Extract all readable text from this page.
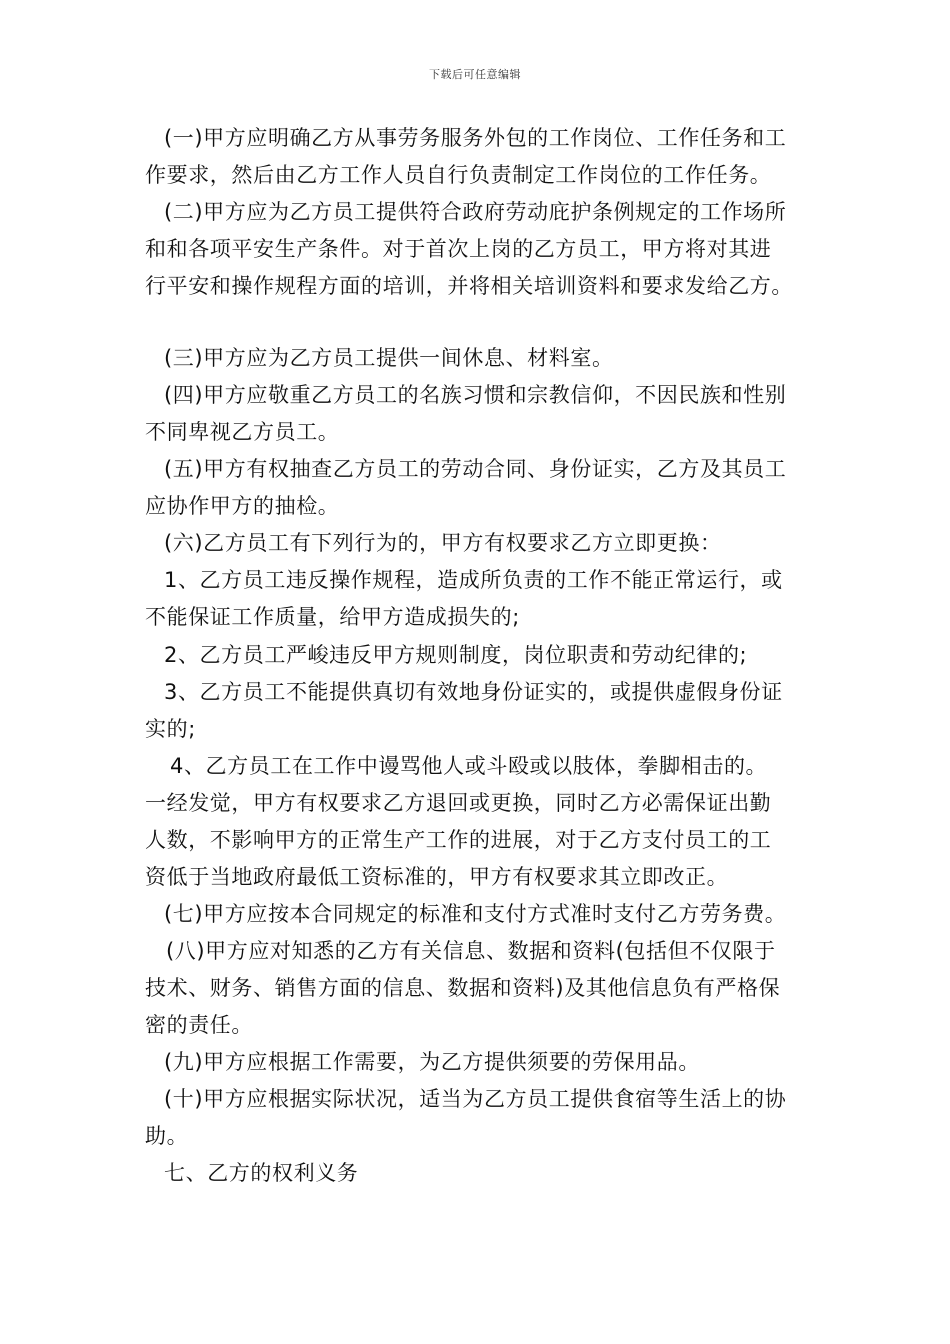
下载后可任意编辑
(一)甲方应明确乙方从事劳务服务外包的工作岗位、工作任务和工
作要求，然后由乙方工作人员自行负责制定工作岗位的工作任务。
(二)甲方应为乙方员工提供符合政府劳动庇护条例规定的工作场所
和和各项平安生产条件。对于首次上岗的乙方员工，甲方将对其进
行平安和操作规程方面的培训，并将相关培训资料和要求发给乙方。
(三)甲方应为乙方员工提供一间休息、材料室。
(四)甲方应敬重乙方员工的名族习惯和宗教信仰，不因民族和性别
不同卑视乙方员工。
(五)甲方有权抽查乙方员工的劳动合同、身份证实，乙方及其员工
应协作甲方的抽检。
(六)乙方员工有下列行为的，甲方有权要求乙方立即更换：
1、乙方员工违反操作规程，造成所负责的工作不能正常运行，或
不能保证工作质量，给甲方造成损失的;
2、乙方员工严峻违反甲方规则制度，岗位职责和劳动纪律的;
3、乙方员工不能提供真切有效地身份证实的，或提供虚假身份证
实的;
4、乙方员工在工作中谩骂他人或斗殴或以肢体，拳脚相击的。
一经发觉，甲方有权要求乙方退回或更换，同时乙方必需保证出勤
人数，不影响甲方的正常生产工作的进展，对于乙方支付员工的工
资低于当地政府最低工资标准的，甲方有权要求其立即改正。
(七)甲方应按本合同规定的标准和支付方式准时支付乙方劳务费。
(八)甲方应对知悉的乙方有关信息、数据和资料(包括但不仅限于
技术、财务、销售方面的信息、数据和资料)及其他信息负有严格保
密的责任。
(九)甲方应根据工作需要，为乙方提供须要的劳保用品。
(十)甲方应根据实际状况，适当为乙方员工提供食宿等生活上的协
助。
七、乙方的权利义务
